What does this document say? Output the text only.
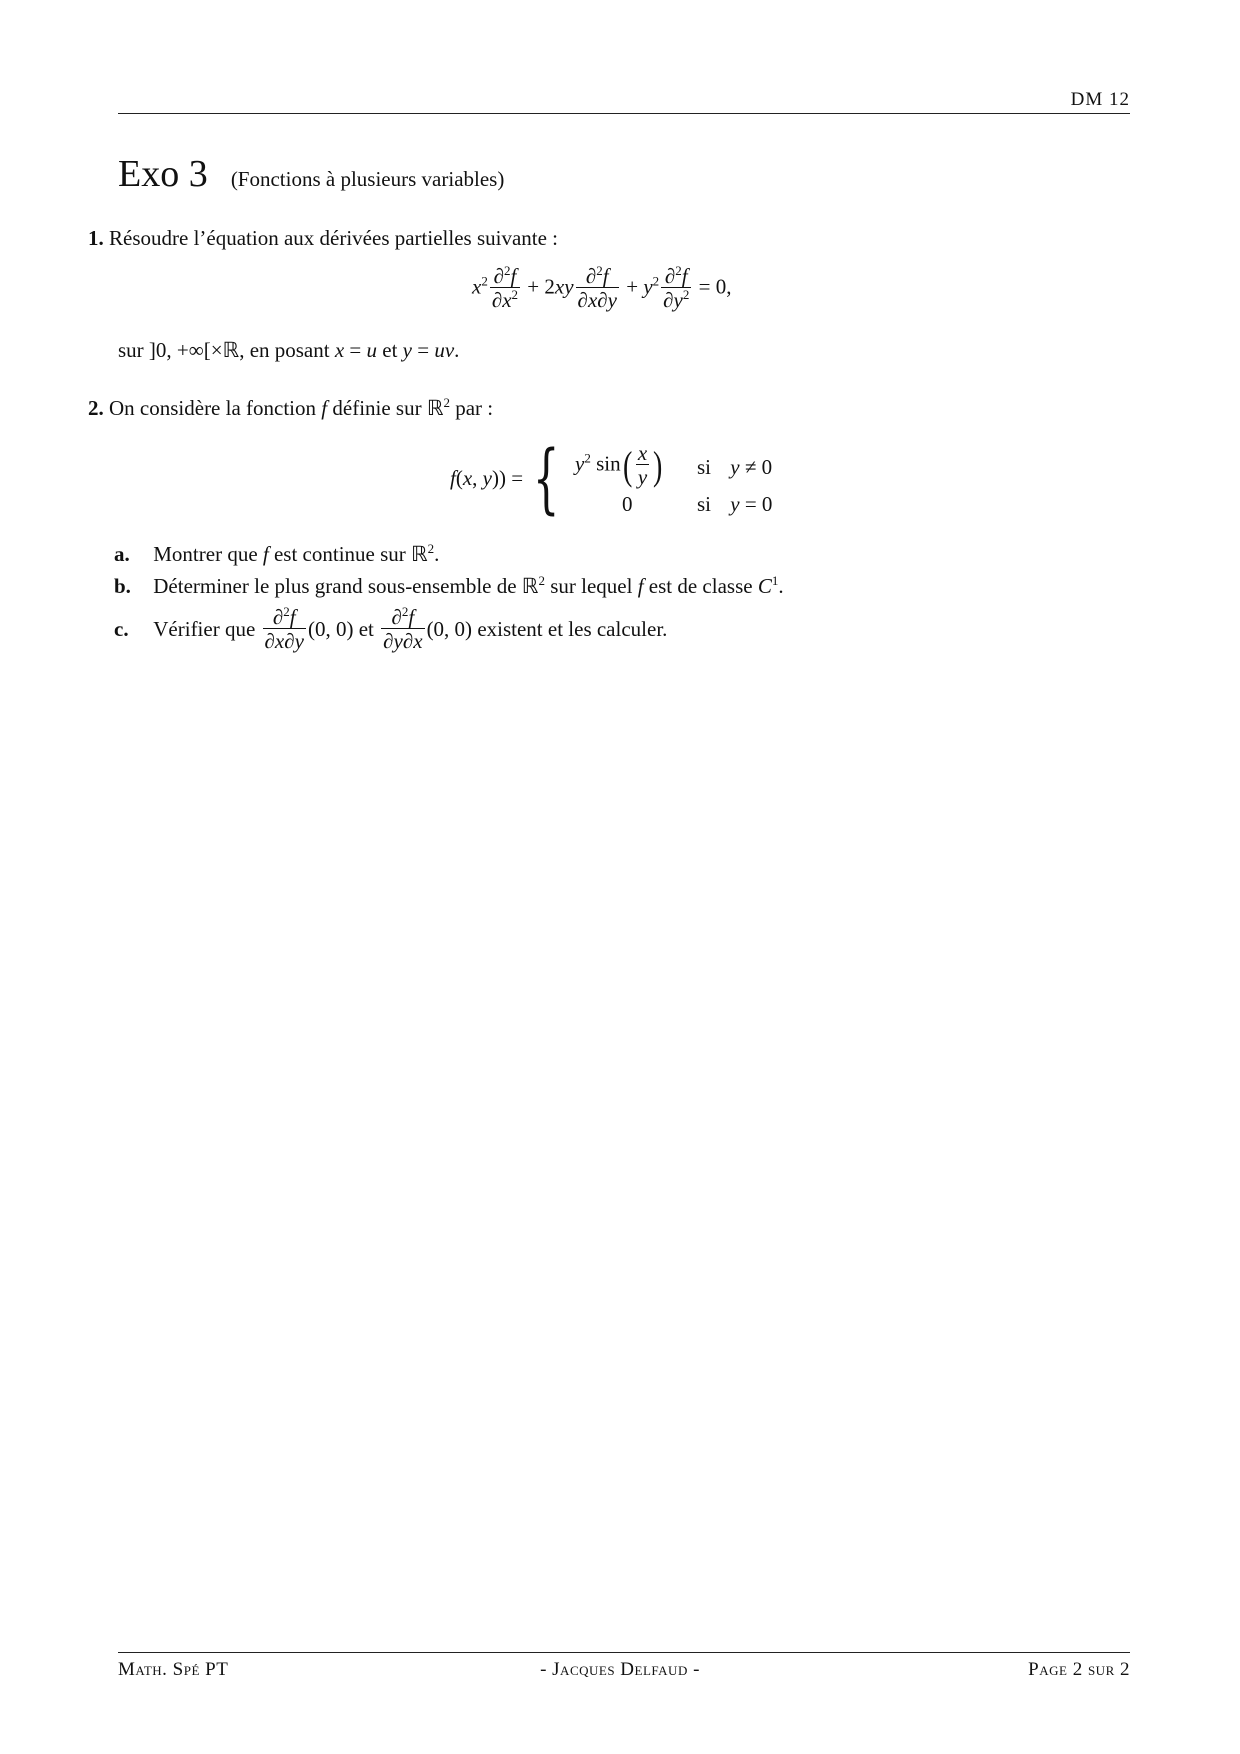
DM 12
Exo 3 (Fonctions à plusieurs variables)
1. Résoudre l’équation aux dérivées partielles suivante :
$x^2 \frac{\partial^2f}{\partial x^2} + 2xy \frac{\partial^2f}{\partial x\partial y} + y^2 \frac{\partial^2f}{\partial y^2} = 0$,
sur ]0, +∞[×ℝ, en posant x = u et y = uv.
2. On considère la fonction f définie sur ℝ$^2$ par :
f(x, y)) = { $y^2$ $\sin( \frac{x}{y}$ ) si y ≠ 0
0	si y = 0
a. Montrer que f est continue sur ℝ$^2$.
b. Déterminer le plus grand sous-ensemble de ℝ$^2$ sur lequel f est de classe $C^1$.
c. Vérifier que $\frac{\partial^2f}{\partial x\partial y} (0$, 0) et $\frac{\partial^2f}{\partial y\partial x} (0$, 0) existent et les calculer.
Math. Spé PT	- Jacques Delfaud -	Page 2 sur 2
